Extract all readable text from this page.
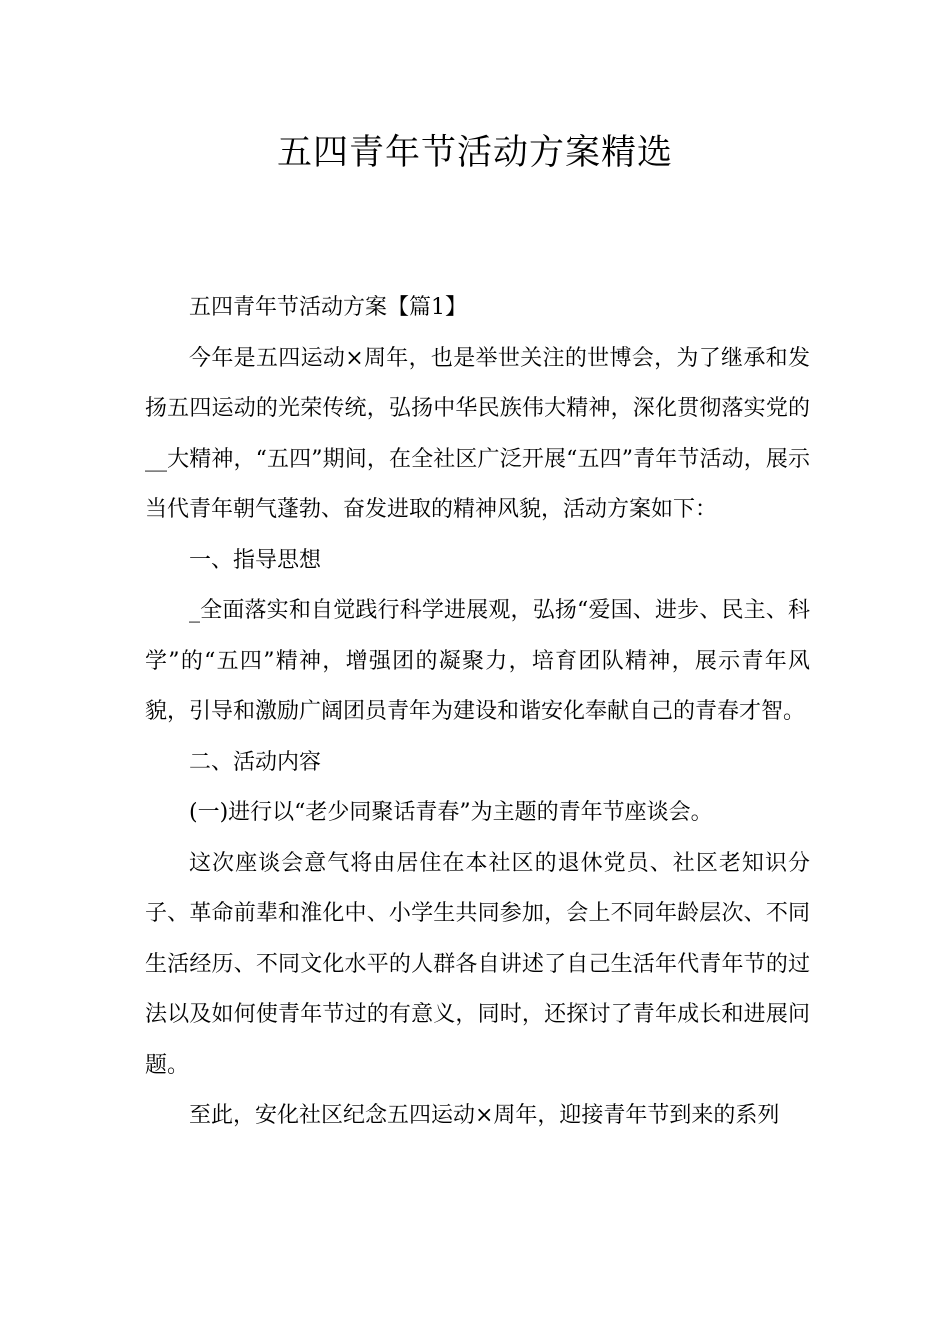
五四青年节活动方案精选

五四青年节活动方案【篇1】

今年是五四运动×周年，也是举世关注的世博会，为了继承和发扬五四运动的光荣传统，弘扬中华民族伟大精神，深化贯彻落实党的__大精神，“五四”期间，在全社区广泛开展“五四”青年节活动，展示当代青年朝气蓬勃、奋发进取的精神风貌，活动方案如下：

一、指导思想

_全面落实和自觉践行科学进展观，弘扬“爱国、进步、民主、科学”的“五四”精神，增强团的凝聚力，培育团队精神，展示青年风貌，引导和激励广阔团员青年为建设和谐安化奉献自己的青春才智。

二、活动内容

(一)进行以“老少同聚话青春”为主题的青年节座谈会。

这次座谈会意气将由居住在本社区的退休党员、社区老知识分子、革命前辈和淮化中、小学生共同参加，会上不同年龄层次、不同生活经历、不同文化水平的人群各自讲述了自己生活年代青年节的过法以及如何使青年节过的有意义，同时，还探讨了青年成长和进展问题。

至此，安化社区纪念五四运动×周年，迎接青年节到来的系列
